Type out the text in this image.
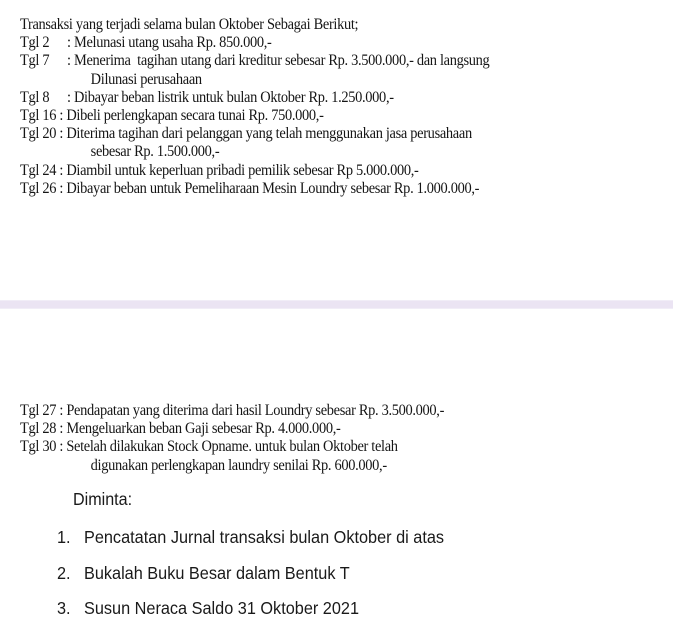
Transaksi yang terjadi selama bulan Oktober Sebagai Berikut;
Tgl 2 : Melunasi utang usaha Rp. 850.000,-
Tgl 7 : Menerima  tagihan utang dari kreditur sebesar Rp. 3.500.000,- dan langsung
Dilunasi perusahaan
Tgl 8 : Dibayar beban listrik untuk bulan Oktober Rp. 1.250.000,-
Tgl 16 : Dibeli perlengkapan secara tunai Rp. 750.000,-
Tgl 20 : Diterima tagihan dari pelanggan yang telah menggunakan jasa perusahaan
sebesar Rp. 1.500.000,-
Tgl 24 : Diambil untuk keperluan pribadi pemilik sebesar Rp 5.000.000,-
Tgl 26 : Dibayar beban untuk Pemeliharaan Mesin Loundry sebesar Rp. 1.000.000,-
Tgl 27 : Pendapatan yang diterima dari hasil Loundry sebesar Rp. 3.500.000,-
Tgl 28 : Mengeluarkan beban Gaji sebesar Rp. 4.000.000,-
Tgl 30 : Setelah dilakukan Stock Opname. untuk bulan Oktober telah
digunakan perlengkapan laundry senilai Rp. 600.000,-
Diminta:
1. Pencatatan Jurnal transaksi bulan Oktober di atas
2. Bukalah Buku Besar dalam Bentuk T
3. Susun Neraca Saldo 31 Oktober 2021
